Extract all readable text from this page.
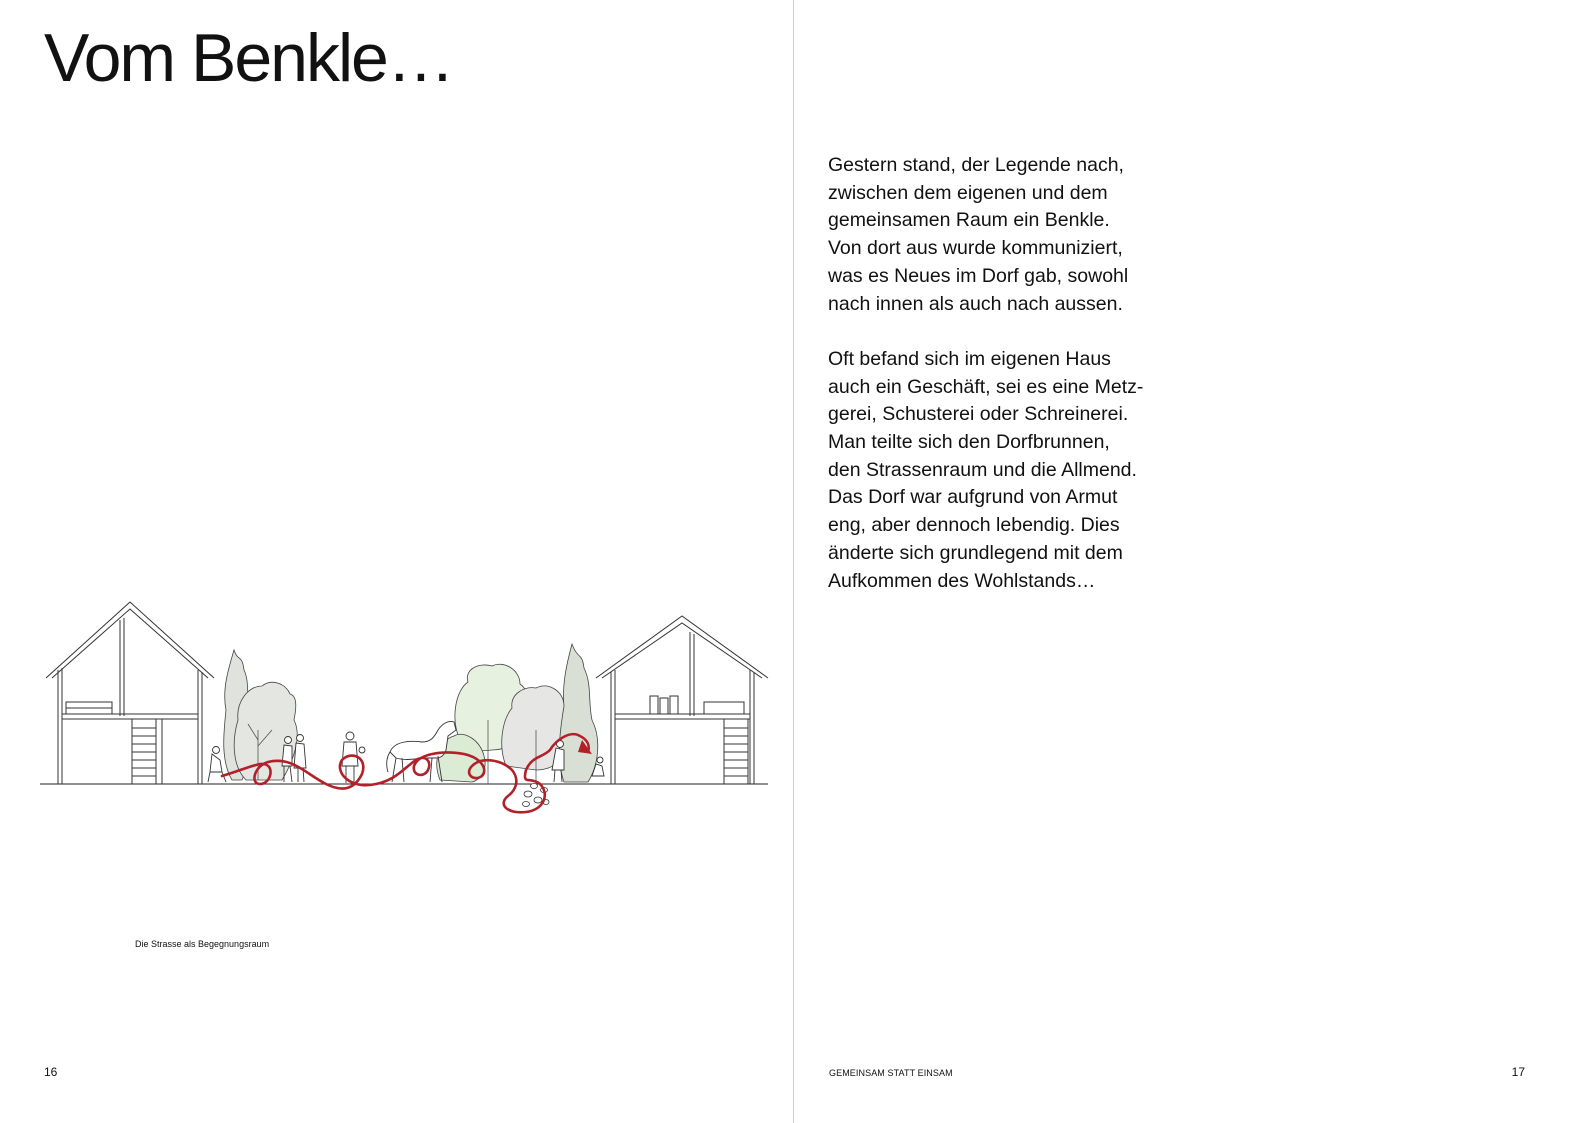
Vom Benkle…
Die Strasse als Begegnungsraum
16

Gestern stand, der Legende nach,
zwischen dem eigenen und dem
gemeinsamen Raum ein Benkle.
Von dort aus wurde kommuniziert,
was es Neues im Dorf gab, sowohl
nach innen als auch nach aussen.

Oft befand sich im eigenen Haus
auch ein Geschäft, sei es eine Metz-
gerei, Schusterei oder Schreinerei.
Man teilte sich den Dorfbrunnen,
den Strassenraum und die Allmend.
Das Dorf war aufgrund von Armut
eng, aber dennoch lebendig. Dies
änderte sich grundlegend mit dem
Aufkommen des Wohlstands…

GEMEINSAM STATT EINSAM	17
